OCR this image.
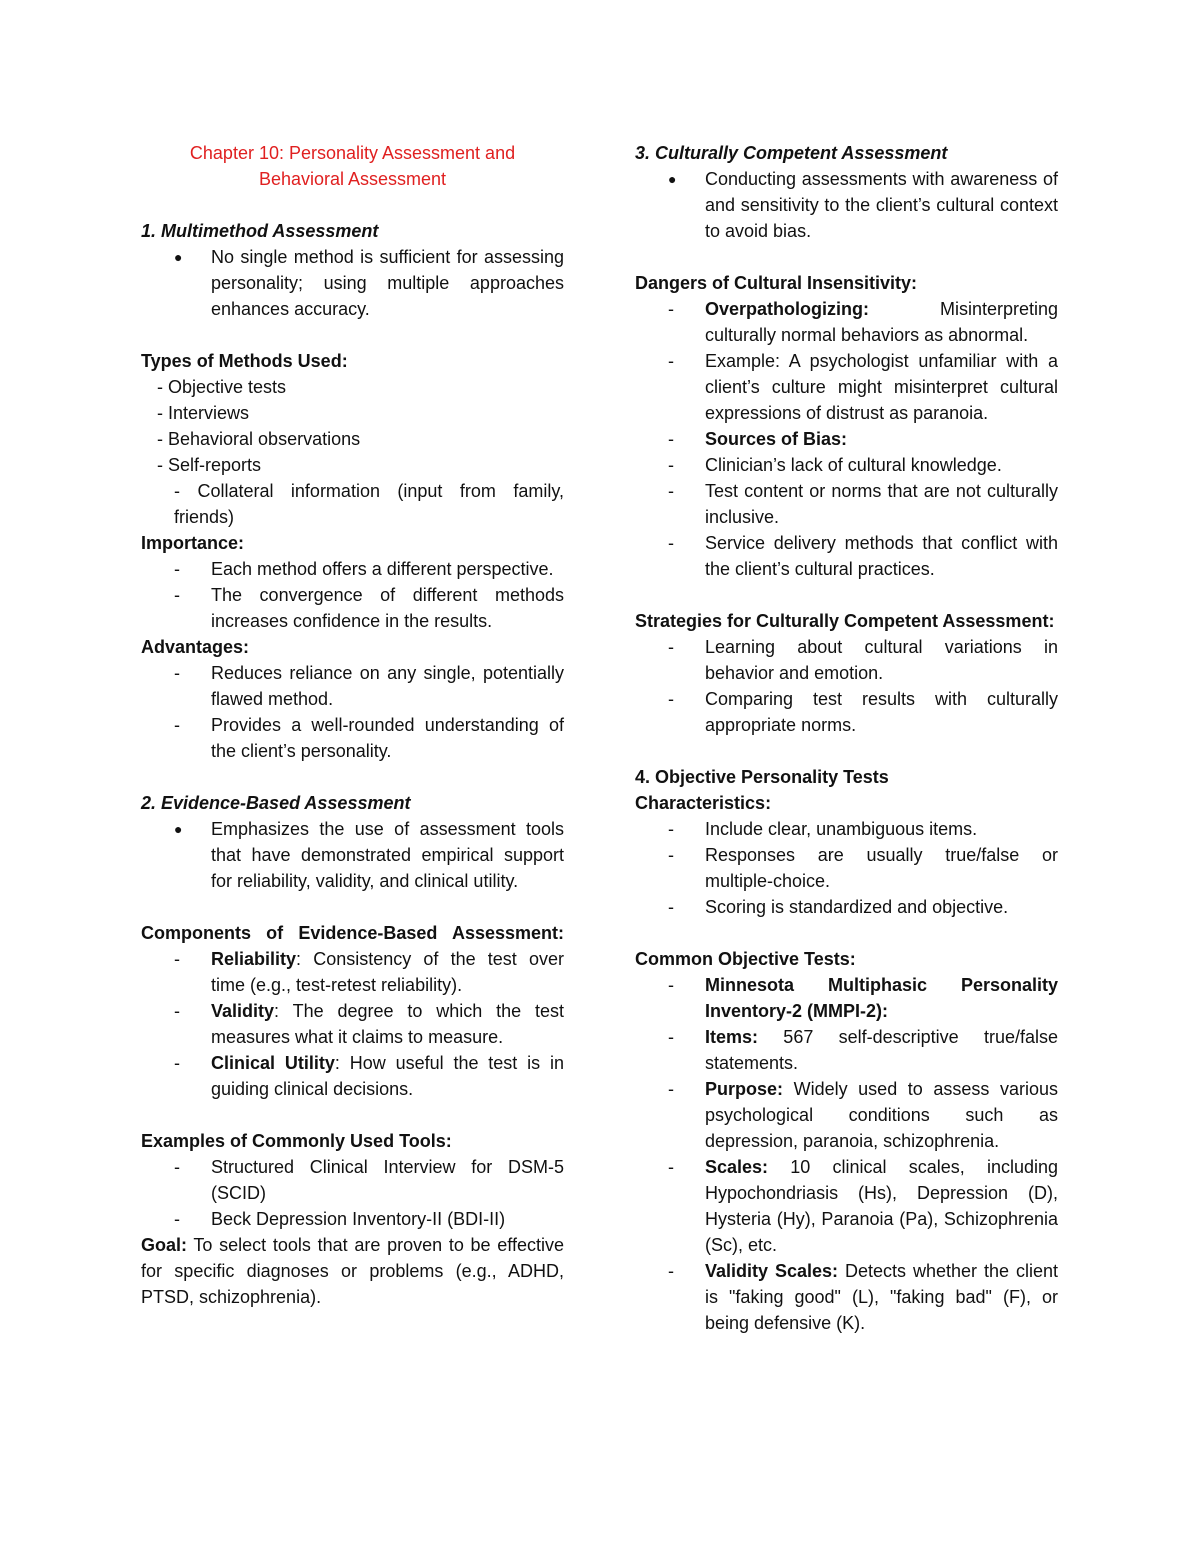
Chapter 10: Personality Assessment and

Behavioral Assessment

1. Multimethod Assessment

● No single method is sufficient for assessing personality; using multiple approaches enhances accuracy.

Types of Methods Used:

- Objective tests

- Interviews

- Behavioral observations

- Self-reports

- Collateral information (input from family, friends)

Importance:

- Each method offers a different perspective.
- The convergence of different methods increases confidence in the results.

Advantages:

- Reduces reliance on any single, potentially flawed method.
- Provides a well-rounded understanding of the client’s personality.

2. Evidence-Based Assessment

● Emphasizes the use of assessment tools that have demonstrated empirical support for reliability, validity, and clinical utility.

Components of Evidence-Based Assessment:

- Reliability: Consistency of the test over time (e.g., test-retest reliability).
- Validity: The degree to which the test measures what it claims to measure.
- Clinical Utility: How useful the test is in guiding clinical decisions.

Examples of Commonly Used Tools:

- Structured Clinical Interview for DSM-5 (SCID)
- Beck Depression Inventory-II (BDI-II)

Goal: To select tools that are proven to be effective for specific diagnoses or problems (e.g., ADHD, PTSD, schizophrenia).

3. Culturally Competent Assessment

● Conducting assessments with awareness of and sensitivity to the client’s cultural context to avoid bias.

Dangers of Cultural Insensitivity:

- Overpathologizing: Misinterpreting culturally normal behaviors as abnormal.
- Example: A psychologist unfamiliar with a client’s culture might misinterpret cultural expressions of distrust as paranoia.
- Sources of Bias:
- Clinician’s lack of cultural knowledge.
- Test content or norms that are not culturally inclusive.
- Service delivery methods that conflict with the client’s cultural practices.

Strategies for Culturally Competent Assessment:

- Learning about cultural variations in behavior and emotion.
- Comparing test results with culturally appropriate norms.

4. Objective Personality Tests

Characteristics:

- Include clear, unambiguous items.
- Responses are usually true/false or multiple-choice.
- Scoring is standardized and objective.

Common Objective Tests:

- Minnesota Multiphasic Personality Inventory-2 (MMPI-2):
- Items: 567 self-descriptive true/false statements.
- Purpose: Widely used to assess various psychological conditions such as depression, paranoia, schizophrenia.
- Scales: 10 clinical scales, including Hypochondriasis (Hs), Depression (D), Hysteria (Hy), Paranoia (Pa), Schizophrenia (Sc), etc.
- Validity Scales: Detects whether the client is "faking good" (L), "faking bad" (F), or being defensive (K).
